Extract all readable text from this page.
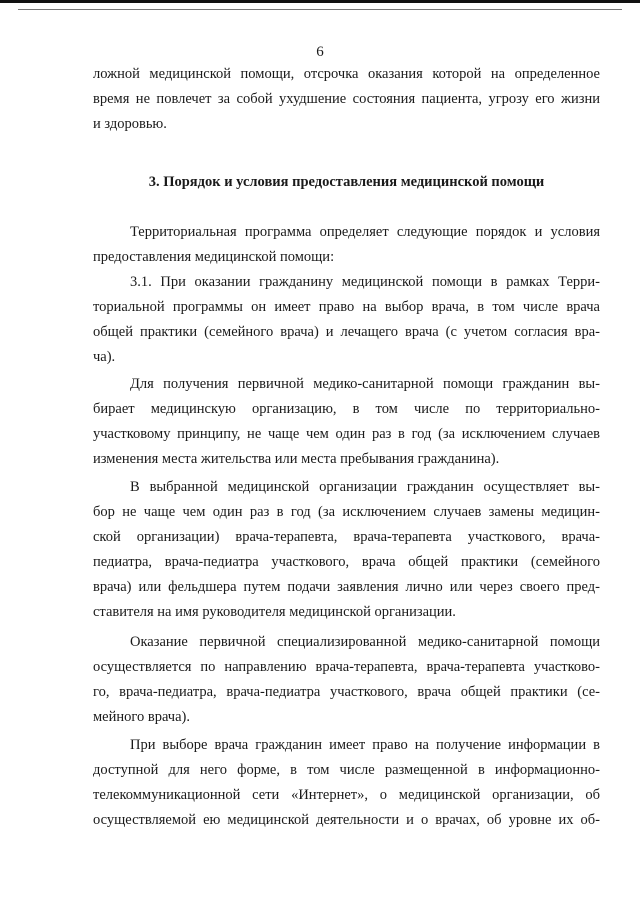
6
ложной медицинской помощи, отсрочка оказания которой на определенное
время не повлечет за собой ухудшение состояния пациента, угрозу его жизни
и здоровью.
3. Порядок и условия предоставления медицинской помощи
Территориальная программа определяет следующие порядок и условия
предоставления медицинской помощи:
3.1. При оказании гражданину медицинской помощи в рамках Терри-
ториальной программы он имеет право на выбор врача, в том числе врача
общей практики (семейного врача) и лечащего врача (с учетом согласия вра-
ча).
Для получения первичной медико-санитарной помощи гражданин вы-
бирает медицинскую организацию, в том числе по территориально-
участковому принципу, не чаще чем один раз в год (за исключением случаев
изменения места жительства или места пребывания гражданина).
В выбранной медицинской организации гражданин осуществляет вы-
бор не чаще чем один раз в год (за исключением случаев замены медицин-
ской организации) врача-терапевта, врача-терапевта участкового, врача-
педиатра, врача-педиатра участкового, врача общей практики (семейного
врача) или фельдшера путем подачи заявления лично или через своего пред-
ставителя на имя руководителя медицинской организации.
Оказание первичной специализированной медико-санитарной помощи
осуществляется по направлению врача-терапевта, врача-терапевта участково-
го, врача-педиатра, врача-педиатра участкового, врача общей практики (се-
мейного врача).
При выборе врача гражданин имеет право на получение информации в
доступной для него форме, в том числе размещенной в информационно-
телекоммуникационной сети «Интернет», о медицинской организации, об
осуществляемой ею медицинской деятельности и о врачах, об уровне их об-
